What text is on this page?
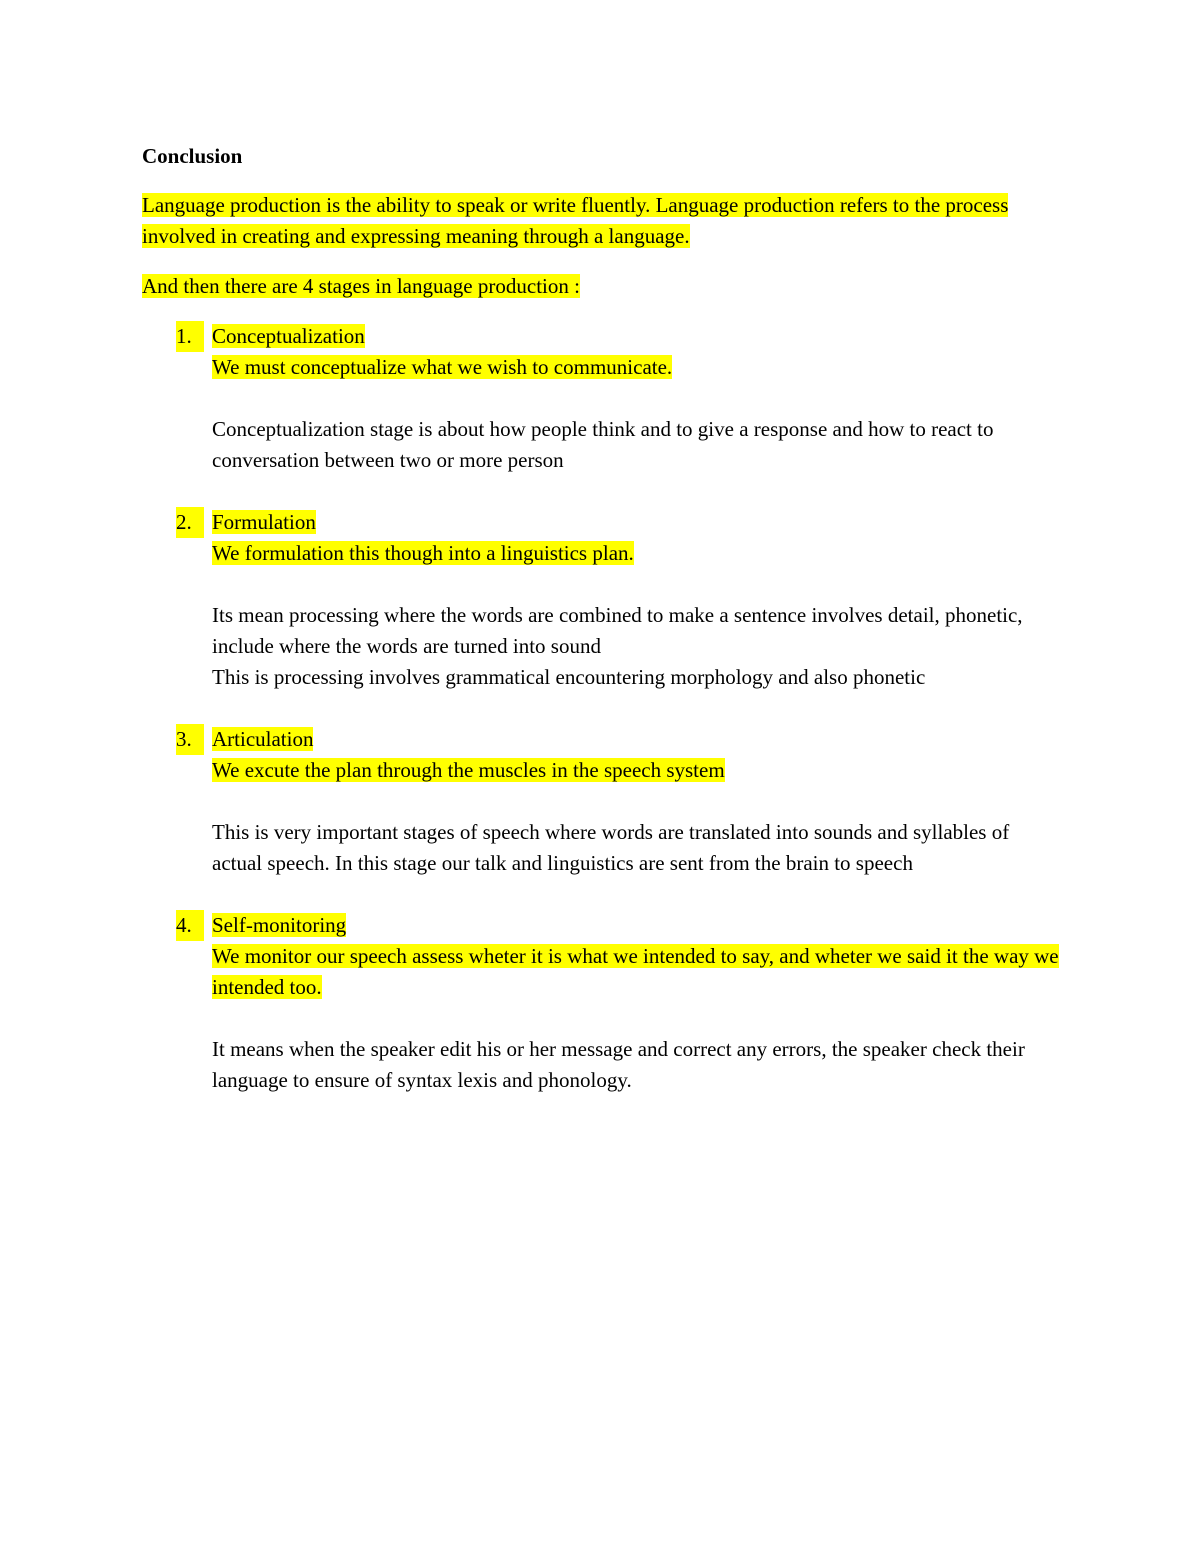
Conclusion

Language production is the ability to speak or write fluently. Language production refers to the process involved in creating and expressing meaning through a language.

And then there are 4 stages in language production :

1. Conceptualization
We must conceptualize what we wish to communicate.
Conceptualization stage is about how people think and to give a response and how to react to conversation between two or more person
2. Formulation
We formulation this though into a linguistics plan.
Its mean processing where the words are combined to make a sentence involves detail, phonetic, include where the words are turned into sound
This is processing involves grammatical encountering morphology and also phonetic
3. Articulation
We excute the plan through the muscles in the speech system
This is very important stages of speech where words are translated into sounds and syllables of actual speech. In this stage our talk and linguistics are sent from the brain to speech
4. Self-monitoring
We monitor our speech assess wheter it is what we intended to say, and wheter we said it the way we intended too.
It means when the speaker edit his or her message and correct any errors, the speaker check their language to ensure of syntax lexis and phonology.
